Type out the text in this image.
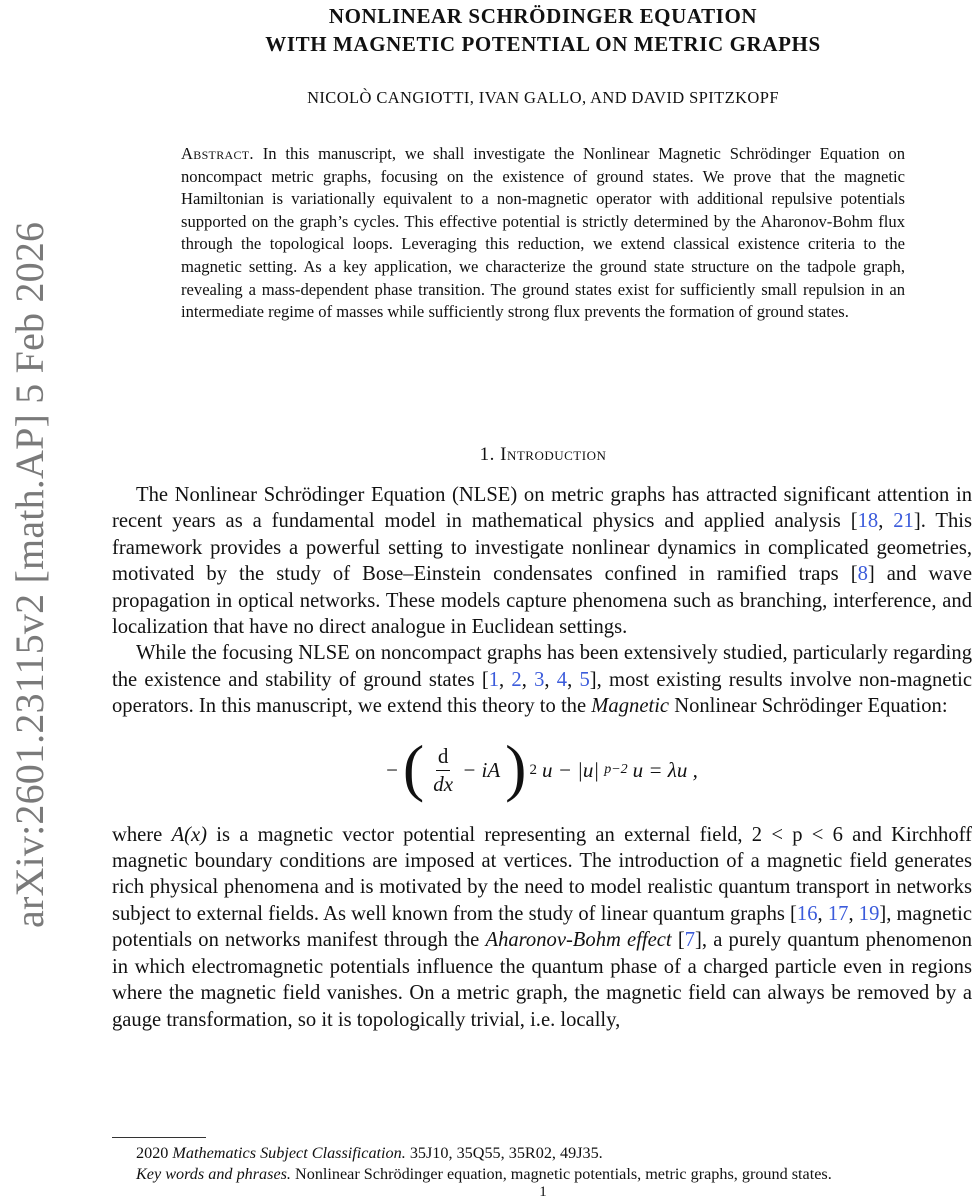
arXiv:2601.23115v2 [math.AP] 5 Feb 2026
NONLINEAR SCHRÖDINGER EQUATION
WITH MAGNETIC POTENTIAL ON METRIC GRAPHS
NICOLÒ CANGIOTTI, IVAN GALLO, AND DAVID SPITZKOPF
Abstract. In this manuscript, we shall investigate the Nonlinear Magnetic Schrödinger Equation on noncompact metric graphs, focusing on the existence of ground states. We prove that the magnetic Hamiltonian is variationally equivalent to a non-magnetic operator with additional repulsive potentials supported on the graph’s cycles. This effective potential is strictly determined by the Aharonov-Bohm flux through the topological loops. Leveraging this reduction, we extend classical existence criteria to the magnetic setting. As a key application, we characterize the ground state structure on the tadpole graph, revealing a mass-dependent phase transition. The ground states exist for sufficiently small repulsion in an intermediate regime of masses while sufficiently strong flux prevents the formation of ground states.
1. Introduction

The Nonlinear Schrödinger Equation (NLSE) on metric graphs has attracted significant attention in recent years as a fundamental model in mathematical physics and applied analysis [18, 21]. This framework provides a powerful setting to investigate nonlinear dynamics in complicated geometries, motivated by the study of Bose–Einstein condensates confined in ramified traps [8] and wave propagation in optical networks. These models capture phenomena such as branching, interference, and localization that have no direct analogue in Euclidean settings.

While the focusing NLSE on noncompact graphs has been extensively studied, particularly regarding the existence and stability of ground states [1, 2, 3, 4, 5], most existing results involve non-magnetic operators. In this manuscript, we extend this theory to the Magnetic Nonlinear Schrödinger Equation:

− ( $\frac{d}{dx}$ − iA ) 2 u − |u| p−2 u = λu ,

where A(x) is a magnetic vector potential representing an external field, 2 < p < 6 and Kirchhoff magnetic boundary conditions are imposed at vertices. The introduction of a magnetic field generates rich physical phenomena and is motivated by the need to model realistic quantum transport in networks subject to external fields. As well known from the study of linear quantum graphs [16, 17, 19], magnetic potentials on networks manifest through the Aharonov-Bohm effect [7], a purely quantum phenomenon in which electromagnetic potentials influence the quantum phase of a charged particle even in regions where the magnetic field vanishes. On a metric graph, the magnetic field can always be removed by a gauge transformation, so it is topologically trivial, i.e. locally,

2020 Mathematics Subject Classification. 35J10, 35Q55, 35R02, 49J35.

Key words and phrases. Nonlinear Schrödinger equation, magnetic potentials, metric graphs, ground states.

1
